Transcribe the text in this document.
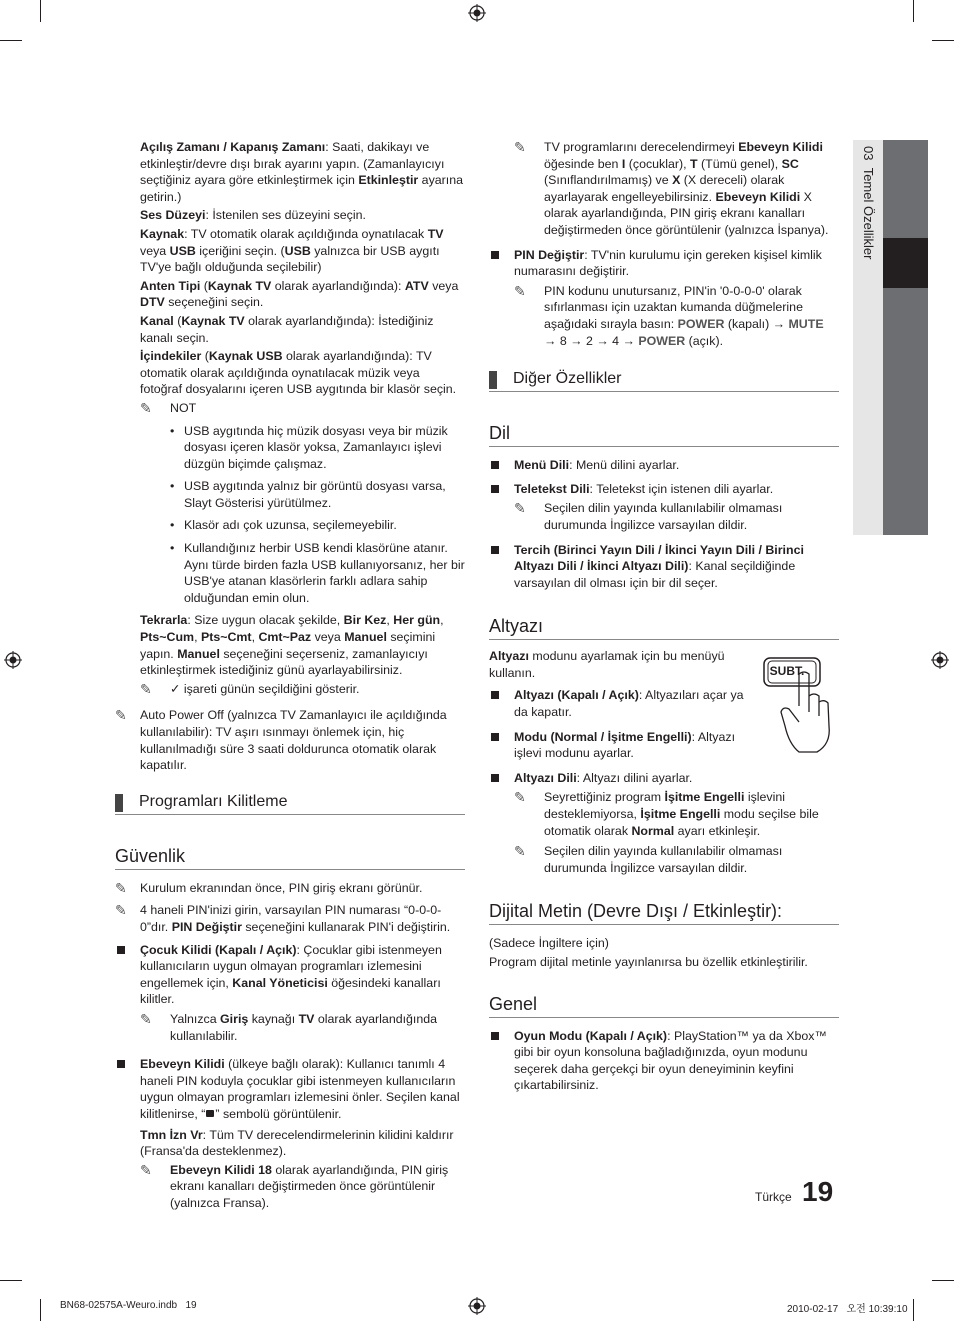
03  Temel Özellikler

Açılış Zamanı / Kapanış Zamanı: Saati, dakikayı ve etkinleştir/devre dışı bırak ayarını yapın. (Zamanlayıcıyı seçtiğiniz ayara göre etkinleştirmek için Etkinleştir ayarına getirin.)

Ses Düzeyi: İstenilen ses düzeyini seçin.

Kaynak: TV otomatik olarak açıldığında oynatılacak TV veya USB içeriğini seçin. (USB yalnızca bir USB aygıtı TV'ye bağlı olduğunda seçilebilir)

Anten Tipi (Kaynak TV olarak ayarlandığında): ATV veya DTV seçeneğini seçin.

Kanal (Kaynak TV olarak ayarlandığında): İstediğiniz kanalı seçin.

İçindekiler (Kaynak USB olarak ayarlandığında): TV otomatik olarak açıldığında oynatılacak müzik veya fotoğraf dosyalarını içeren USB aygıtında bir klasör seçin.

✎ NOT
• USB aygıtında hiç müzik dosyası veya bir müzik dosyası içeren klasör yoksa, Zamanlayıcı işlevi düzgün biçimde çalışmaz.
• USB aygıtında yalnız bir görüntü dosyası varsa, Slayt Gösterisi yürütülmez.
• Klasör adı çok uzunsa, seçilemeyebilir.
• Kullandığınız herbir USB kendi klasörüne atanır. Aynı türde birden fazla USB kullanıyorsanız, her bir USB'ye atanan klasörlerin farklı adlara sahip olduğundan emin olun.

Tekrarla: Size uygun olacak şekilde, Bir Kez, Her gün, Pts~Cum, Pts~Cmt, Cmt~Paz veya Manuel seçimini yapın. Manuel seçeneğini seçerseniz, zamanlayıcıyı etkinleştirmek istediğiniz günü ayarlayabilirsiniz.

✎ ✓ işareti günün seçildiğini gösterir.
✎ Auto Power Off (yalnızca TV Zamanlayıcı ile açıldığında kullanılabilir): TV aşırı ısınmayı önlemek için, hiç kullanılmadığı süre 3 saati doldurunca otomatik olarak kapatılır.
Programları Kilitleme
Güvenlik
✎ Kurulum ekranından önce, PIN giriş ekranı görünür.
✎ 4 haneli PIN'inizi girin, varsayılan PIN numarası “0-0-0-0”dır. PIN Değiştir seçeneğini kullanarak PIN'i değiştirin.
Çocuk Kilidi (Kapalı / Açık): Çocuklar gibi istenmeyen kullanıcıların uygun olmayan programları izlemesini engellemek için, Kanal Yöneticisi öğesindeki kanalları kilitler.
✎ Yalnızca Giriş kaynağı TV olarak ayarlandığında kullanılabilir.
Ebeveyn Kilidi (ülkeye bağlı olarak): Kullanıcı tanımlı 4 haneli PIN koduyla çocuklar gibi istenmeyen kullanıcıların uygun olmayan programları izlemesini önler. Seçilen kanal kilitlenirse, “ ” sembolü görüntülenir.

Tmn İzn Vr: Tüm TV derecelendirmelerinin kilidini kaldırır (Fransa'da desteklenmez).

✎ Ebeveyn Kilidi 18 olarak ayarlandığında, PIN giriş ekranı kanalları değiştirmeden önce görüntülenir (yalnızca Fransa).
✎ TV programlarını derecelendirmeyi Ebeveyn Kilidi öğesinde ben I (çocuklar), T (Tümü genel), SC (Sınıflandırılmamış) ve X (X dereceli) olarak ayarlayarak engelleyebilirsiniz. Ebeveyn Kilidi X olarak ayarlandığında, PIN giriş ekranı kanalları değiştirmeden önce görüntülenir (yalnızca İspanya).
PIN Değiştir: TV'nin kurulumu için gereken kişisel kimlik numarasını değiştirir.
✎ PIN kodunu unutursanız, PIN'in '0-0-0-0' olarak sıfırlanması için uzaktan kumanda düğmelerine aşağıdaki sırayla basın: POWER (kapalı) → MUTE → 8 → 2 → 4 → POWER (açık).
Diğer Özellikler
Dil
Menü Dili: Menü dilini ayarlar.
Teletekst Dili: Teletekst için istenen dili ayarlar.
✎ Seçilen dilin yayında kullanılabilir olmaması durumunda İngilizce varsayılan dildir.
Tercih (Birinci Yayın Dili / İkinci Yayın Dili / Birinci Altyazı Dili / İkinci Altyazı Dili): Kanal seçildiğinde varsayılan dil olması için bir dil seçer.
Altyazı
SUBT.

Altyazı modunu ayarlamak için bu menüyü kullanın.

Altyazı (Kapalı / Açık): Altyazıları açar ya da kapatır.
Modu (Normal / İşitme Engelli): Altyazı işlevi modunu ayarlar.
Altyazı Dili: Altyazı dilini ayarlar.
✎ Seyrettiğiniz program İşitme Engelli işlevini desteklemiyorsa, İşitme Engelli modu seçilse bile otomatik olarak Normal ayarı etkinleşir.
✎ Seçilen dilin yayında kullanılabilir olmaması durumunda İngilizce varsayılan dildir.
Dijital Metin (Devre Dışı / Etkinleştir):

(Sadece İngiltere için)

Program dijital metinle yayınlanırsa bu özellik etkinleştirilir.

Genel
Oyun Modu (Kapalı / Açık): PlayStation™ ya da Xbox™ gibi bir oyun konsoluna bağladığınızda, oyun modunu seçerek daha gerçekçi bir oyun deneyiminin keyfini çıkartabilirsiniz.
Türkçe 19
BN68-02575A-Weuro.indb 19	2010-02-17 오전 10:39:10
